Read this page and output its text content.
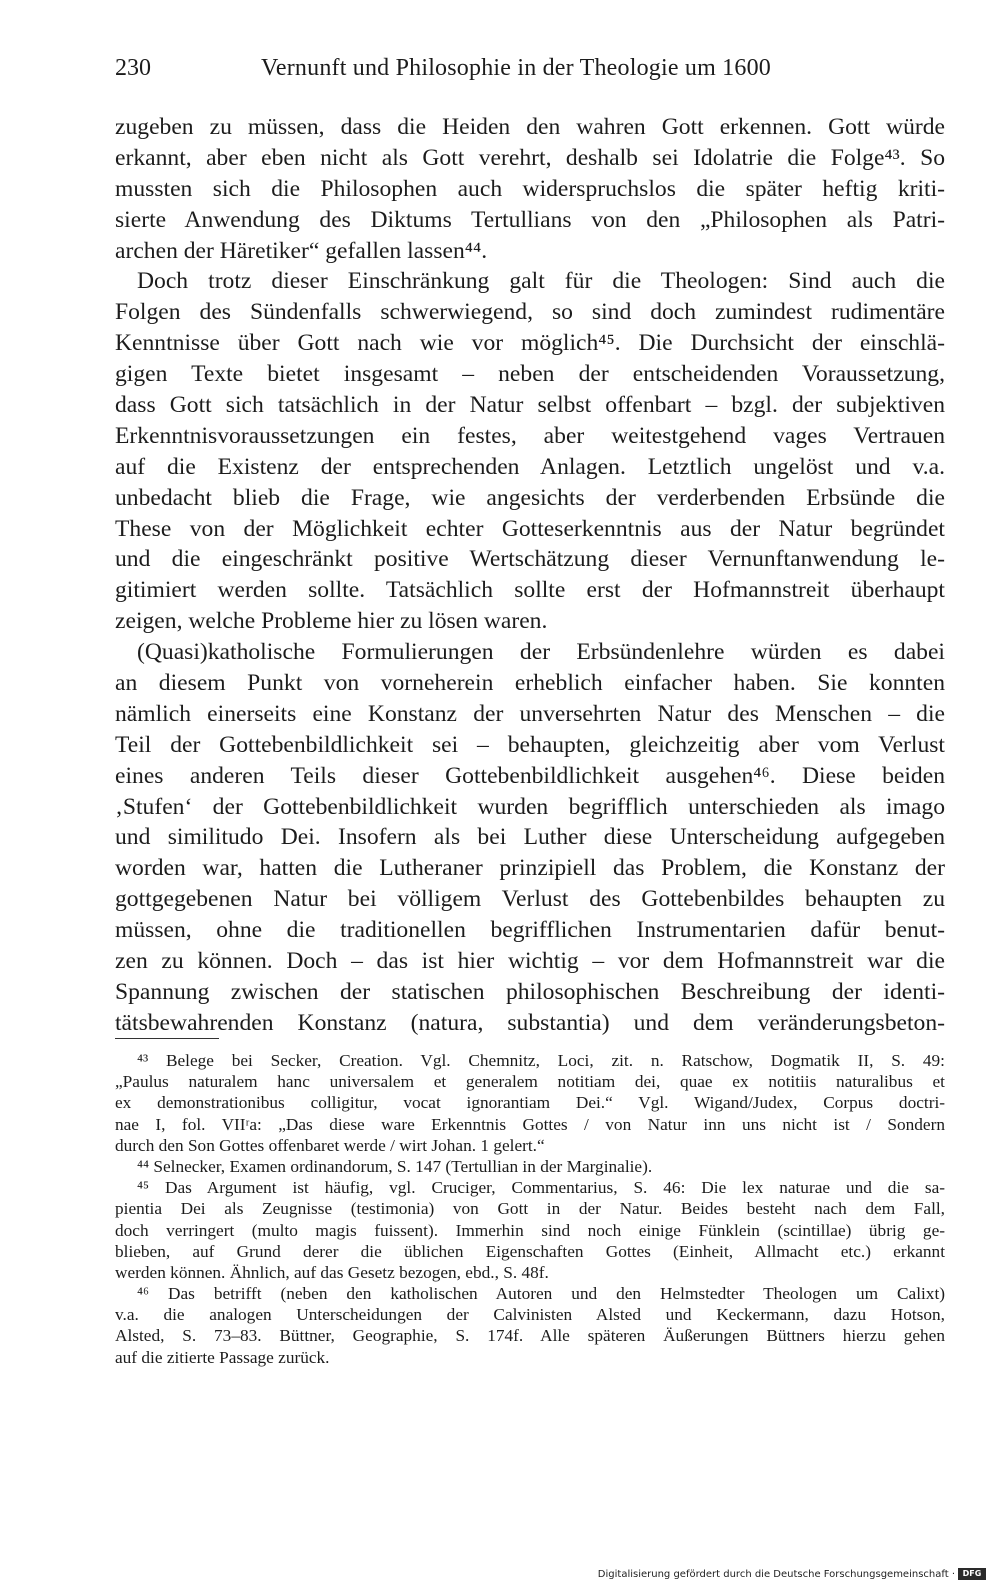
230	Vernunft und Philosophie in der Theologie um 1600
zugeben zu müssen, dass die Heiden den wahren Gott erkennen. Gott würde
erkannt, aber eben nicht als Gott verehrt, deshalb sei Idolatrie die Folge⁴³. So
mussten sich die Philosophen auch widerspruchslos die später heftig kriti-
sierte Anwendung des Diktums Tertullians von den „Philosophen als Patri-
archen der Häretiker“ gefallen lassen⁴⁴.
Doch trotz dieser Einschränkung galt für die Theologen: Sind auch die
Folgen des Sündenfalls schwerwiegend, so sind doch zumindest rudimentäre
Kenntnisse über Gott nach wie vor möglich⁴⁵. Die Durchsicht der einschlä-
gigen Texte bietet insgesamt – neben der entscheidenden Voraussetzung,
dass Gott sich tatsächlich in der Natur selbst offenbart – bzgl. der subjektiven
Erkenntnisvoraussetzungen ein festes, aber weitestgehend vages Vertrauen
auf die Existenz der entsprechenden Anlagen. Letztlich ungelöst und v.a.
unbedacht blieb die Frage, wie angesichts der verderbenden Erbsünde die
These von der Möglichkeit echter Gotteserkenntnis aus der Natur begründet
und die eingeschränkt positive Wertschätzung dieser Vernunftanwendung le-
gitimiert werden sollte. Tatsächlich sollte erst der Hofmannstreit überhaupt
zeigen, welche Probleme hier zu lösen waren.
(Quasi)katholische Formulierungen der Erbsündenlehre würden es dabei
an diesem Punkt von vorneherein erheblich einfacher haben. Sie konnten
nämlich einerseits eine Konstanz der unversehrten Natur des Menschen – die
Teil der Gottebenbildlichkeit sei – behaupten, gleichzeitig aber vom Verlust
eines anderen Teils dieser Gottebenbildlichkeit ausgehen⁴⁶. Diese beiden
‚Stufen‘ der Gottebenbildlichkeit wurden begrifflich unterschieden als imago
und similitudo Dei. Insofern als bei Luther diese Unterscheidung aufgegeben
worden war, hatten die Lutheraner prinzipiell das Problem, die Konstanz der
gottgegebenen Natur bei völligem Verlust des Gottebenbildes behaupten zu
müssen, ohne die traditionellen begrifflichen Instrumentarien dafür benut-
zen zu können. Doch – das ist hier wichtig – vor dem Hofmannstreit war die
Spannung zwischen der statischen philosophischen Beschreibung der identi-
tätsbewahrenden Konstanz (natura, substantia) und dem veränderungsbeton-
⁴³ Belege bei Secker, Creation. Vgl. Chemnitz, Loci, zit. n. Ratschow, Dogmatik II, S. 49:
„Paulus naturalem hanc universalem et generalem notitiam dei, quae ex notitiis naturalibus et
ex demonstrationibus colligitur, vocat ignorantiam Dei.“ Vgl. Wigand/Judex, Corpus doctri-
nae I, fol. VIIʳa: „Das diese ware Erkenntnis Gottes / von Natur inn uns nicht ist / Sondern
durch den Son Gottes offenbaret werde / wirt Johan. 1 gelert.“
⁴⁴ Selnecker, Examen ordinandorum, S. 147 (Tertullian in der Marginalie).
⁴⁵ Das Argument ist häufig, vgl. Cruciger, Commentarius, S. 46: Die lex naturae und die sa-
pientia Dei als Zeugnisse (testimonia) von Gott in der Natur. Beides besteht nach dem Fall,
doch verringert (multo magis fuissent). Immerhin sind noch einige Fünklein (scintillae) übrig ge-
blieben, auf Grund derer die üblichen Eigenschaften Gottes (Einheit, Allmacht etc.) erkannt
werden können. Ähnlich, auf das Gesetz bezogen, ebd., S. 48f.
⁴⁶ Das betrifft (neben den katholischen Autoren und den Helmstedter Theologen um Calixt)
v.a. die analogen Unterscheidungen der Calvinisten Alsted und Keckermann, dazu Hotson,
Alsted, S. 73–83. Büttner, Geographie, S. 174f. Alle späteren Äußerungen Büttners hierzu gehen
auf die zitierte Passage zurück.
Digitalisierung gefördert durch die Deutsche Forschungsgemeinschaft · DFG
